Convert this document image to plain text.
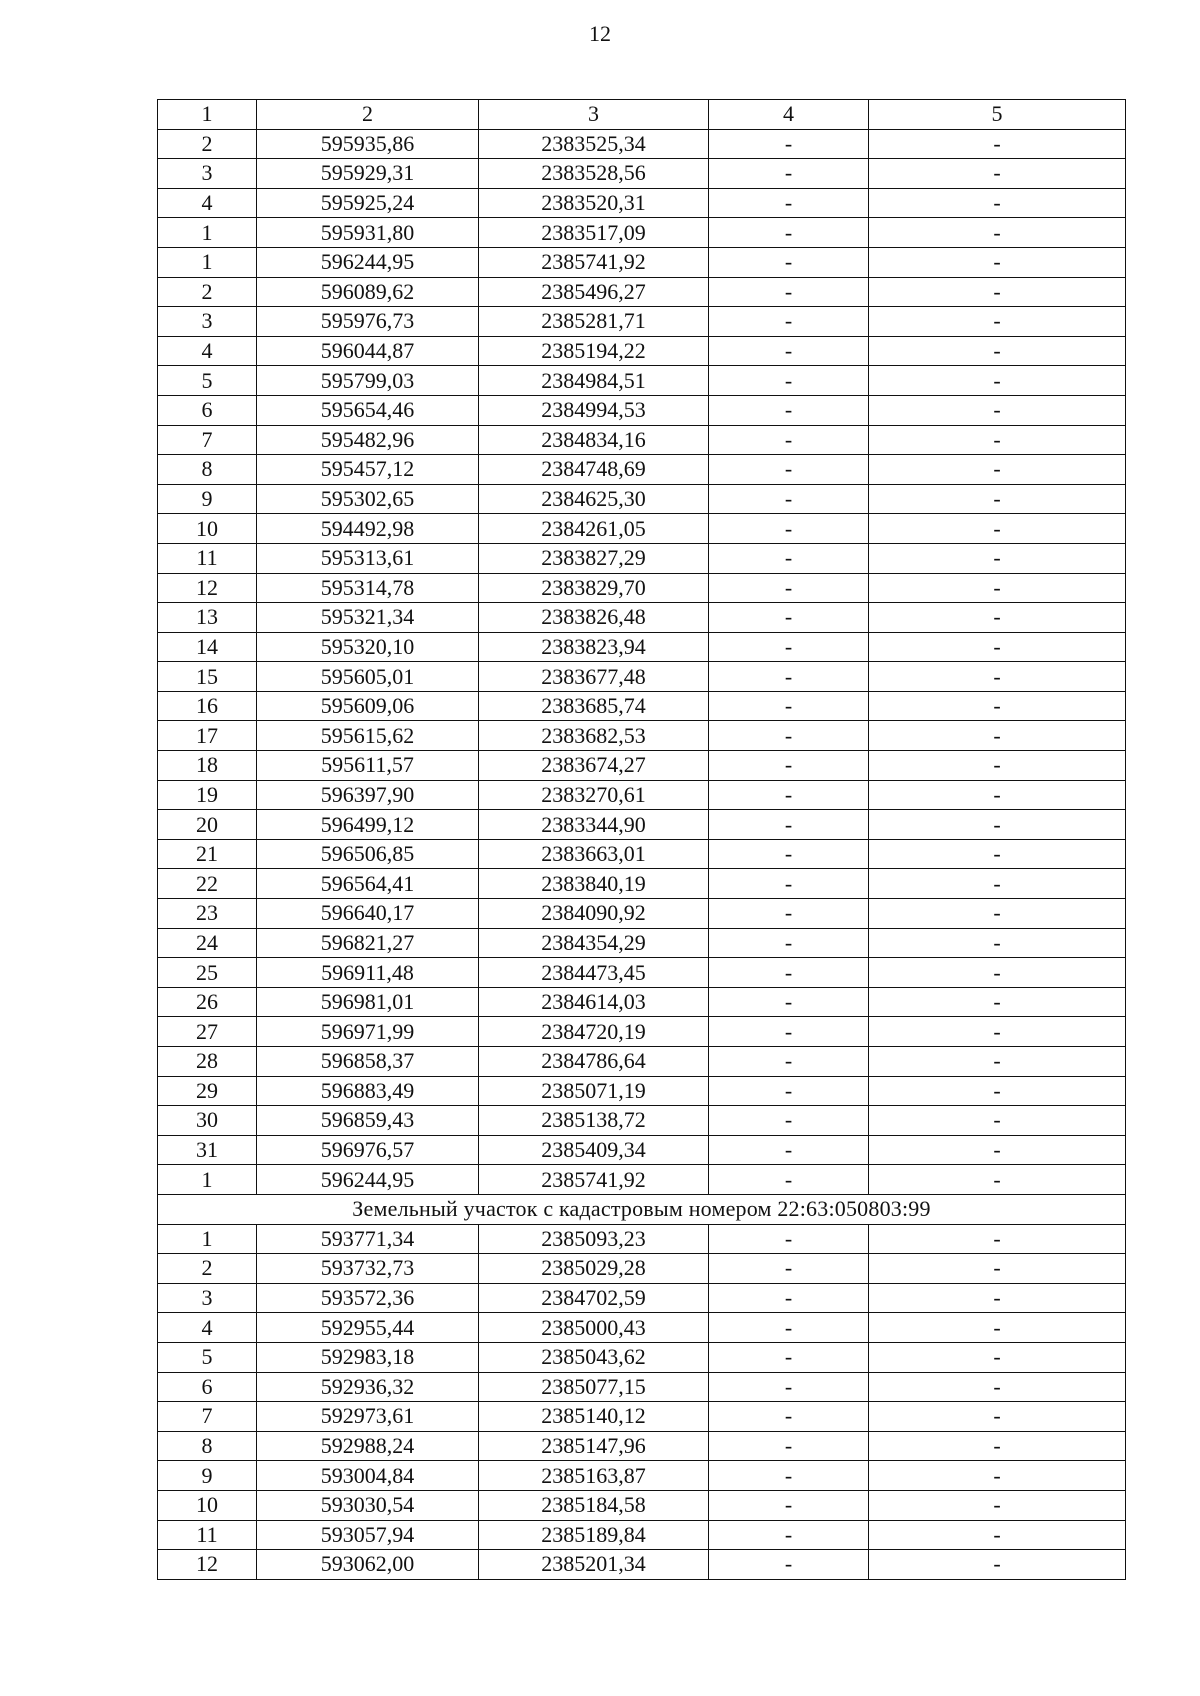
12
1	2	3	4	5
2	595935,86	2383525,34	-	-
3	595929,31	2383528,56	-	-
4	595925,24	2383520,31	-	-
1	595931,80	2383517,09	-	-
1	596244,95	2385741,92	-	-
2	596089,62	2385496,27	-	-
3	595976,73	2385281,71	-	-
4	596044,87	2385194,22	-	-
5	595799,03	2384984,51	-	-
6	595654,46	2384994,53	-	-
7	595482,96	2384834,16	-	-
8	595457,12	2384748,69	-	-
9	595302,65	2384625,30	-	-
10	594492,98	2384261,05	-	-
11	595313,61	2383827,29	-	-
12	595314,78	2383829,70	-	-
13	595321,34	2383826,48	-	-
14	595320,10	2383823,94	-	-
15	595605,01	2383677,48	-	-
16	595609,06	2383685,74	-	-
17	595615,62	2383682,53	-	-
18	595611,57	2383674,27	-	-
19	596397,90	2383270,61	-	-
20	596499,12	2383344,90	-	-
21	596506,85	2383663,01	-	-
22	596564,41	2383840,19	-	-
23	596640,17	2384090,92	-	-
24	596821,27	2384354,29	-	-
25	596911,48	2384473,45	-	-
26	596981,01	2384614,03	-	-
27	596971,99	2384720,19	-	-
28	596858,37	2384786,64	-	-
29	596883,49	2385071,19	-	-
30	596859,43	2385138,72	-	-
31	596976,57	2385409,34	-	-
1	596244,95	2385741,92	-	-
Земельный участок с кадастровым номером 22:63:050803:99				
1	593771,34	2385093,23	-	-
2	593732,73	2385029,28	-	-
3	593572,36	2384702,59	-	-
4	592955,44	2385000,43	-	-
5	592983,18	2385043,62	-	-
6	592936,32	2385077,15	-	-
7	592973,61	2385140,12	-	-
8	592988,24	2385147,96	-	-
9	593004,84	2385163,87	-	-
10	593030,54	2385184,58	-	-
11	593057,94	2385189,84	-	-
12	593062,00	2385201,34	-	-
